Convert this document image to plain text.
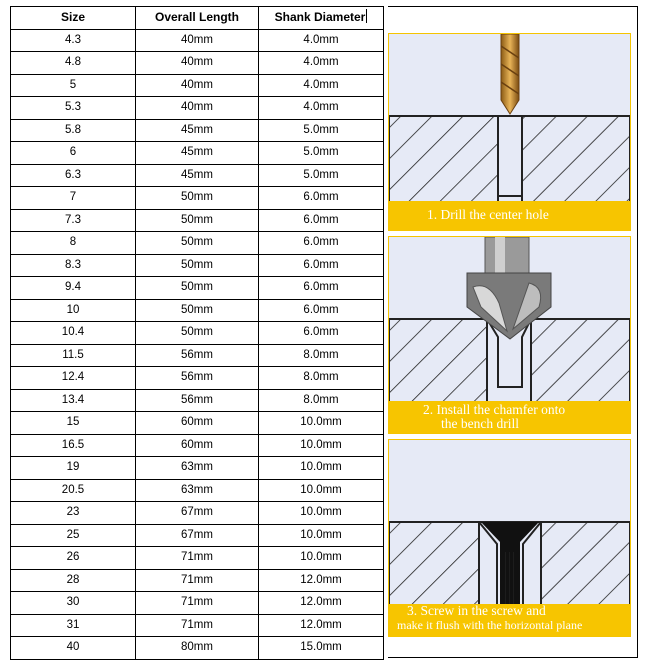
Size	Overall Length	Shank Diameter
4.3	40mm	4.0mm
4.8	40mm	4.0mm
5	40mm	4.0mm
5.3	40mm	4.0mm
5.8	45mm	5.0mm
6	45mm	5.0mm
6.3	45mm	5.0mm
7	50mm	6.0mm
7.3	50mm	6.0mm
8	50mm	6.0mm
8.3	50mm	6.0mm
9.4	50mm	6.0mm
10	50mm	6.0mm
10.4	50mm	6.0mm
11.5	56mm	8.0mm
12.4	56mm	8.0mm
13.4	56mm	8.0mm
15	60mm	10.0mm
16.5	60mm	10.0mm
19	63mm	10.0mm
20.5	63mm	10.0mm
23	67mm	10.0mm
25	67mm	10.0mm
26	71mm	10.0mm
28	71mm	12.0mm
30	71mm	12.0mm
31	71mm	12.0mm
40	80mm	15.0mm
1. Drill the center hole
2. Install the chamfer onto
the bench drill
3. Screw in the screw and
make it flush with the horizontal plane
